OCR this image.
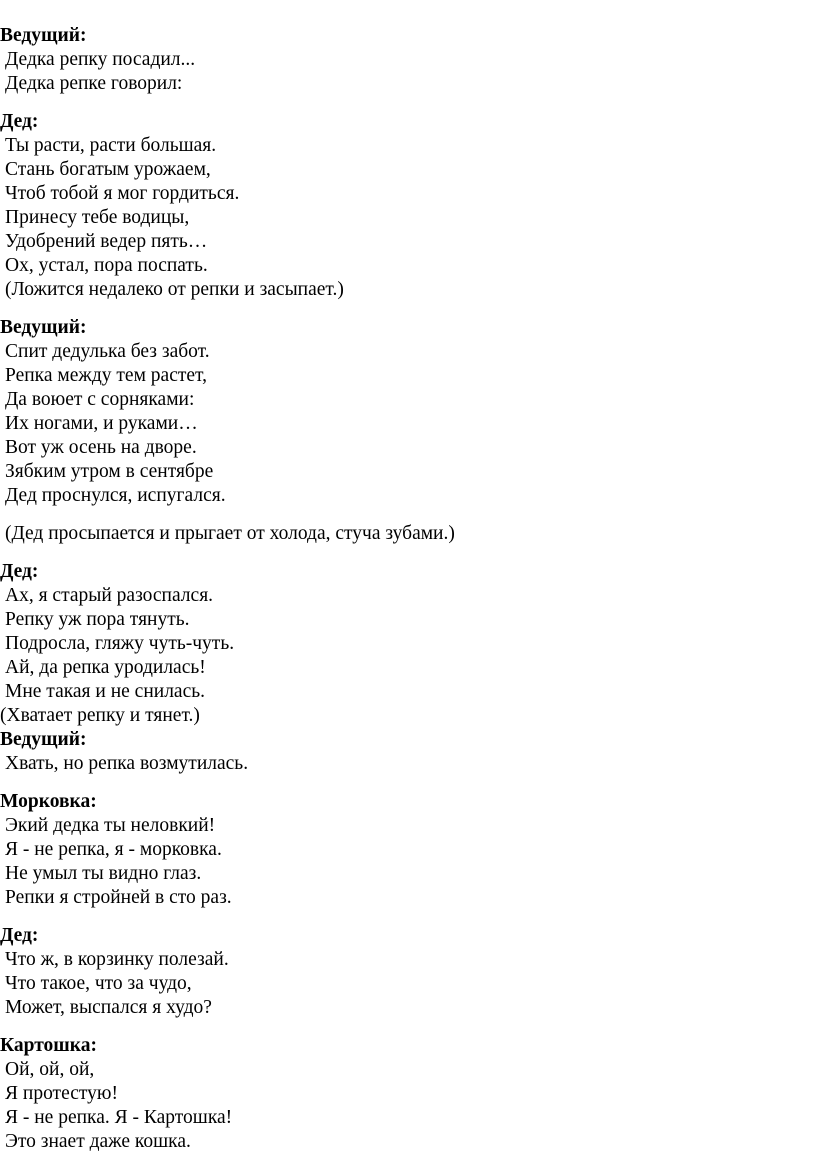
Ведущий:
Дедка репку посадил...
Дедка репке говорил:
Дед:
Ты расти, расти большая.
Стань богатым урожаем,
Чтоб тобой я мог гордиться.
Принесу тебе водицы,
Удобрений ведер пять…
Ох, устал, пора поспать.
(Ложится недалеко от репки и засыпает.)
Ведущий:
Спит дедулька без забот.
Репка между тем растет,
Да воюет с сорняками:
Их ногами, и руками…
Вот уж осень на дворе.
Зябким утром в сентябре
Дед проснулся, испугался.
(Дед просыпается и прыгает от холода, стуча зубами.)
Дед:
Ах, я старый разоспался.
Репку уж пора тянуть.
Подросла, гляжу чуть-чуть.
Ай, да репка уродилась!
Мне такая и не снилась.
(Хватает репку и тянет.)
Ведущий:
Хвать, но репка возмутилась.
Морковка:
Экий дедка ты неловкий!
Я - не репка, я - морковка.
Не умыл ты видно глаз.
Репки я стройней в сто раз.
Дед:
Что ж, в корзинку полезай.
Что такое, что за чудо,
Может, выспался я худо?
Картошка:
Ой, ой, ой,
Я протестую!
Я - не репка. Я - Картошка!
Это знает даже кошка.
